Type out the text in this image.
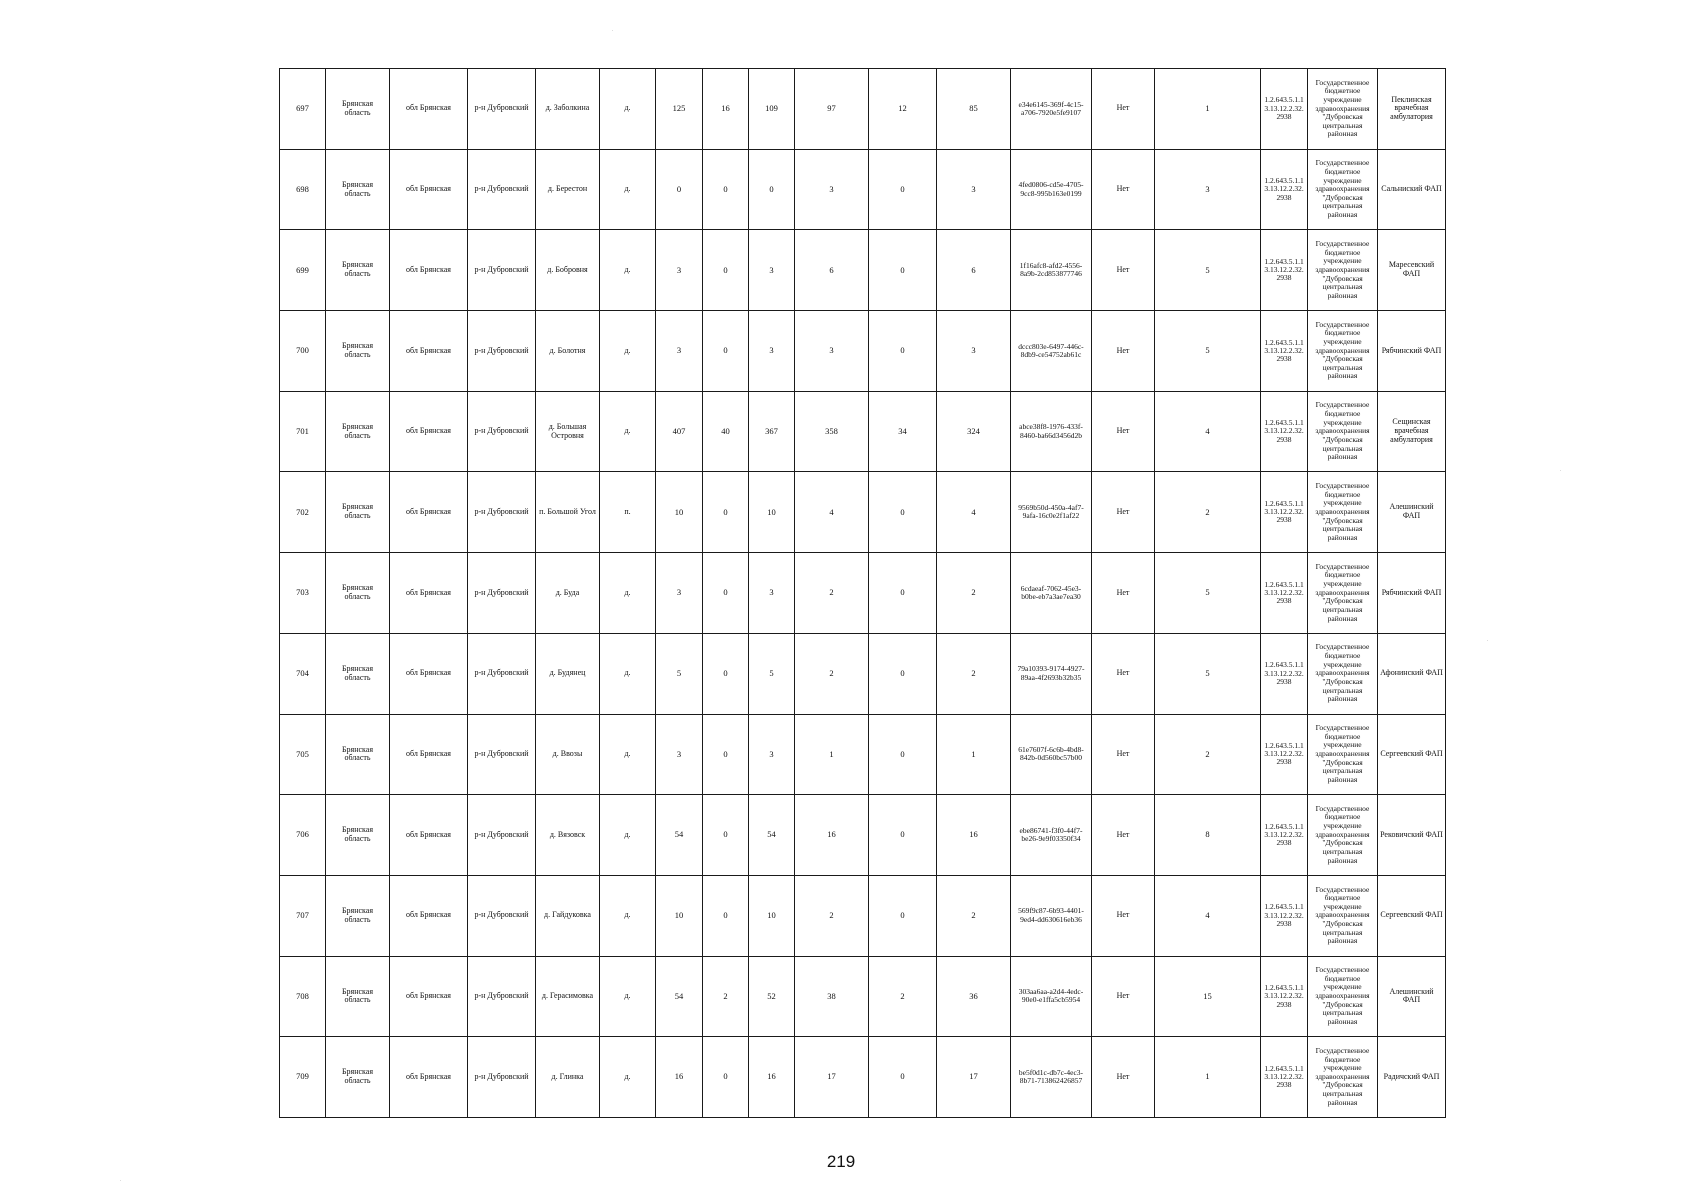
697	Брянская область	обл Брянская	р-н Дубровский	д. Заболкина	д.	125	16	109	97	12	85	e34e6145-369f-4c15-a706-7920e5fe9107	Нет	1	1.2.643.5.1.13.13.12.2.32.2938	Государственное бюджетное учреждение здравоохранения "Дубровская центральная районная	Пеклинская врачебная амбулатория
698	Брянская область	обл Брянская	р-н Дубровский	д. Берестон	д.	0	0	0	3	0	3	4fed0806-cd5e-4705-9cc8-995b163e0199	Нет	3	1.2.643.5.1.13.13.12.2.32.2938	Государственное бюджетное учреждение здравоохранения "Дубровская центральная районная	Сальниский ФАП
699	Брянская область	обл Брянская	р-н Дубровский	д. Бобровня	д.	3	0	3	6	0	6	1f16afc8-afd2-4556-8a9b-2cd853877746	Нет	5	1.2.643.5.1.13.13.12.2.32.2938	Государственное бюджетное учреждение здравоохранения "Дубровская центральная районная	Маресевский ФАП
700	Брянская область	обл Брянская	р-н Дубровский	д. Болотня	д.	3	0	3	3	0	3	dccc803e-6497-446c-8db9-ce54752ab61c	Нет	5	1.2.643.5.1.13.13.12.2.32.2938	Государственное бюджетное учреждение здравоохранения "Дубровская центральная районная	Рябчинский ФАП
701	Брянская область	обл Брянская	р-н Дубровский	д. Большая Островня	д.	407	40	367	358	34	324	abce38f8-1976-433f-8460-ba66d3456d2b	Нет	4	1.2.643.5.1.13.13.12.2.32.2938	Государственное бюджетное учреждение здравоохранения "Дубровская центральная районная	Сещинская врачебная амбулатория
702	Брянская область	обл Брянская	р-н Дубровский	п. Большой Угол	п.	10	0	10	4	0	4	9569b50d-450a-4af7-9afa-16c0e2f1af22	Нет	2	1.2.643.5.1.13.13.12.2.32.2938	Государственное бюджетное учреждение здравоохранения "Дубровская центральная районная	Алешинский ФАП
703	Брянская область	обл Брянская	р-н Дубровский	д. Буда	д.	3	0	3	2	0	2	6cdaeaf-7062-45e3-b0be-eb7a3ae7ea30	Нет	5	1.2.643.5.1.13.13.12.2.32.2938	Государственное бюджетное учреждение здравоохранения "Дубровская центральная районная	Рябчинский ФАП
704	Брянская область	обл Брянская	р-н Дубровский	д. Будянец	д.	5	0	5	2	0	2	79a10393-9174-4927-89aa-4f2693b32b35	Нет	5	1.2.643.5.1.13.13.12.2.32.2938	Государственное бюджетное учреждение здравоохранения "Дубровская центральная районная	Афонинский ФАП
705	Брянская область	обл Брянская	р-н Дубровский	д. Ввозы	д.	3	0	3	1	0	1	61e7607f-6c6b-4bd8-842b-0d560bc57b00	Нет	2	1.2.643.5.1.13.13.12.2.32.2938	Государственное бюджетное учреждение здравоохранения "Дубровская центральная районная	Сергеевский ФАП
706	Брянская область	обл Брянская	р-н Дубровский	д. Вязовск	д.	54	0	54	16	0	16	ebe86741-f3f0-44f7-be26-9e9f03350f34	Нет	8	1.2.643.5.1.13.13.12.2.32.2938	Государственное бюджетное учреждение здравоохранения "Дубровская центральная районная	Рековичский ФАП
707	Брянская область	обл Брянская	р-н Дубровский	д. Гайдуковка	д.	10	0	10	2	0	2	569f9c87-6b93-4401-9ed4-dd630616eb36	Нет	4	1.2.643.5.1.13.13.12.2.32.2938	Государственное бюджетное учреждение здравоохранения "Дубровская центральная районная	Сергеевский ФАП
708	Брянская область	обл Брянская	р-н Дубровский	д. Герасимовка	д.	54	2	52	38	2	36	303aa6aa-a2d4-4edc-90e0-e1ffa5cb5954	Нет	15	1.2.643.5.1.13.13.12.2.32.2938	Государственное бюджетное учреждение здравоохранения "Дубровская центральная районная	Алешинский ФАП
709	Брянская область	обл Брянская	р-н Дубровский	д. Глинка	д.	16	0	16	17	0	17	be5f0d1c-db7c-4ec3-8b71-713862426857	Нет	1	1.2.643.5.1.13.13.12.2.32.2938	Государственное бюджетное учреждение здравоохранения "Дубровская центральная районная	Радичский ФАП
219
